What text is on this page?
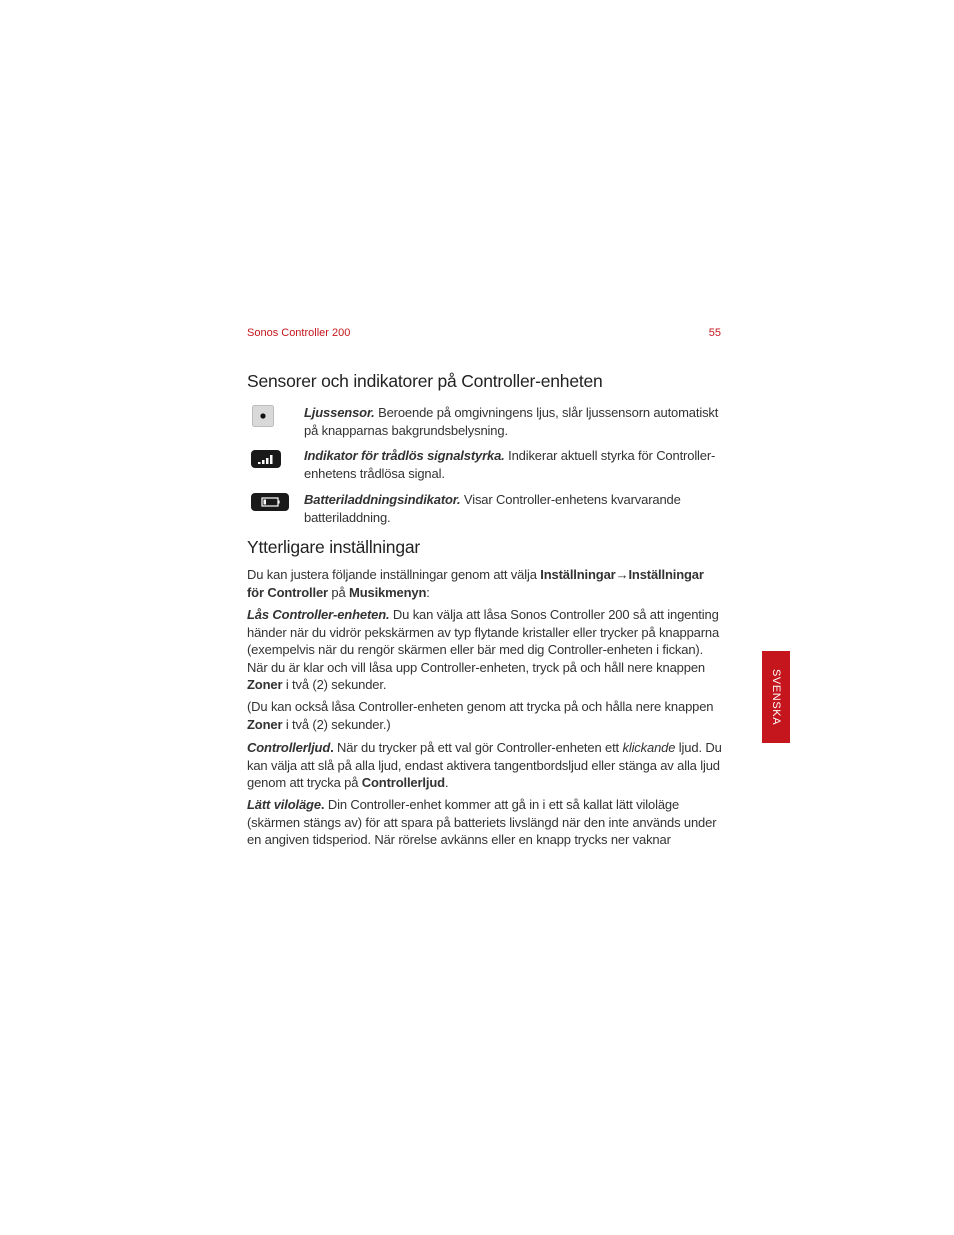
Sonos Controller 200	55
Sensorer och indikatorer på Controller-enheten
Ljussensor. Beroende på omgivningens ljus, slår ljussensorn automatiskt på knapparnas bakgrundsbelysning.
Indikator för trådlös signalstyrka. Indikerar aktuell styrka för Controller-enhetens trådlösa signal.
Batteriladdningsindikator. Visar Controller-enhetens kvarvarande batteriladdning.
Ytterligare inställningar
Du kan justera följande inställningar genom att välja Inställningar→Inställningar för Controller på Musikmenyn:
Lås Controller-enheten. Du kan välja att låsa Sonos Controller 200 så att ingenting händer när du vidrör pekskärmen av typ flytande kristaller eller trycker på knapparna (exempelvis när du rengör skärmen eller bär med dig Controller-enheten i fickan). När du är klar och vill låsa upp Controller-enheten, tryck på och håll nere knappen Zoner i två (2) sekunder.
(Du kan också låsa Controller-enheten genom att trycka på och hålla nere knappen Zoner i två (2) sekunder.)
Controllerljud. När du trycker på ett val gör Controller-enheten ett klickande ljud. Du kan välja att slå på alla ljud, endast aktivera tangentbordsljud eller stänga av alla ljud genom att trycka på Controllerljud.
Lätt viloläge. Din Controller-enhet kommer att gå in i ett så kallat lätt viloläge (skärmen stängs av) för att spara på batteriets livslängd när den inte används under en angiven tidsperiod. När rörelse avkänns eller en knapp trycks ner vaknar
SVENSKA
